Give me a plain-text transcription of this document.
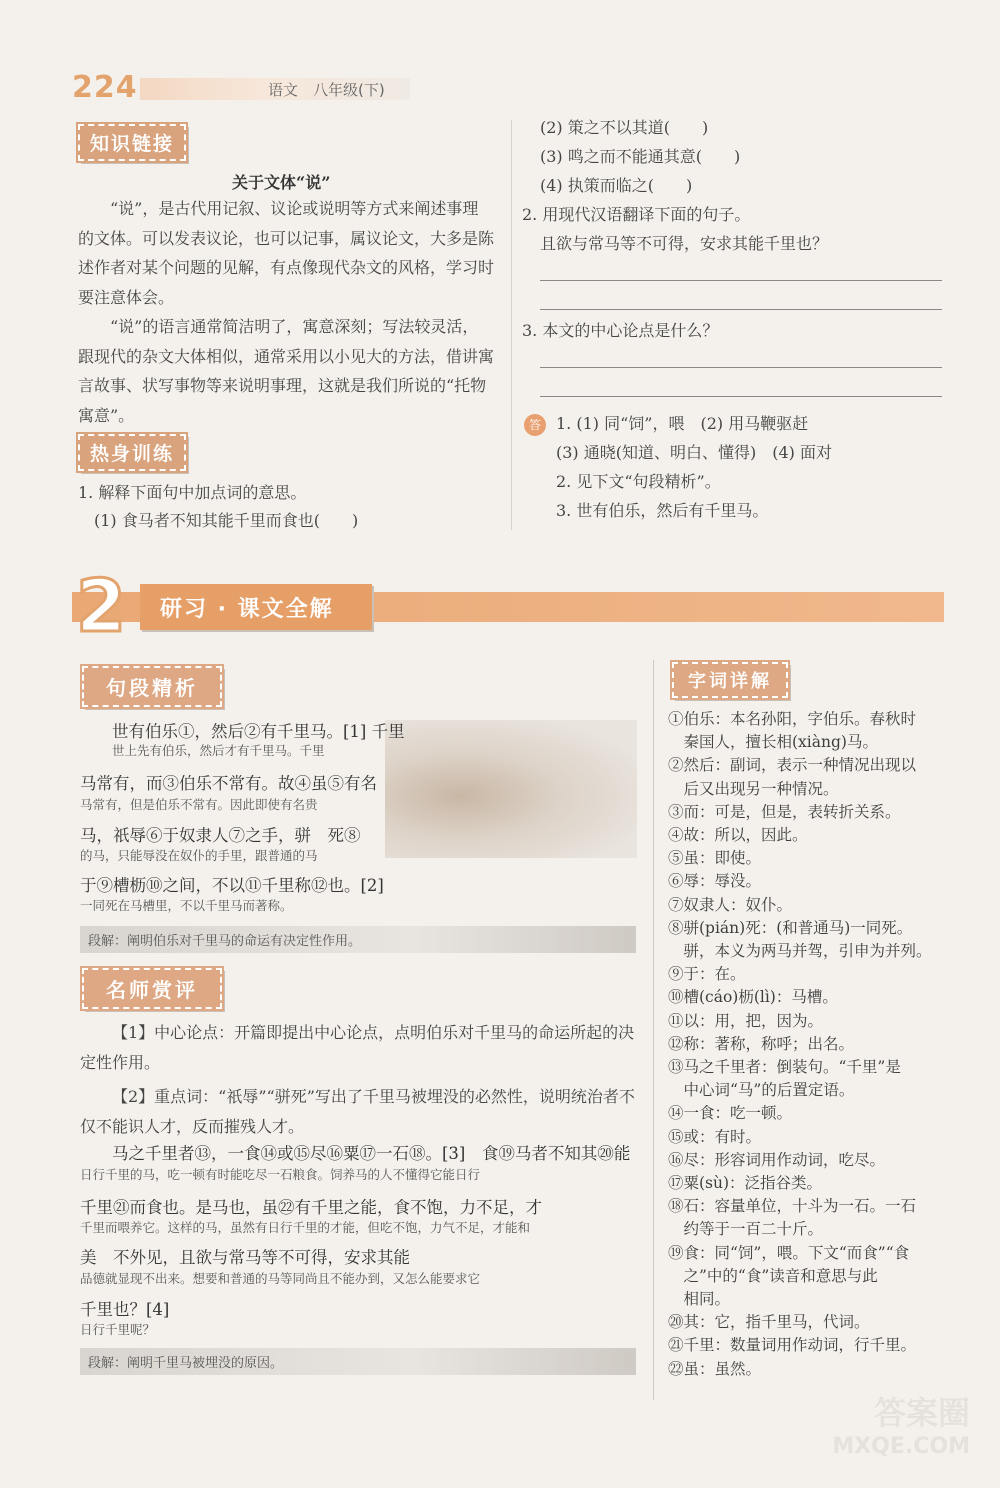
224	语文　八年级(下)
知识链接
关于文体“说”
“说”，是古代用记叙、议论或说明等方式来阐述事理的文体。可以发表议论，也可以记事，属议论文，大多是陈述作者对某个问题的见解，有点像现代杂文的风格，学习时要注意体会。
“说”的语言通常简洁明了，寓意深刻；写法较灵活，跟现代的杂文大体相似，通常采用以小见大的方法，借讲寓言故事、状写事物等来说明事理，这就是我们所说的“托物寓意”。
热身训练
1. 解释下面句中加点词的意思。
(1) 食马者不知其能千里而食也(　　)
(2) 策之不以其道(　　)
(3) 鸣之而不能通其意(　　)
(4) 执策而临之(　　)
2. 用现代汉语翻译下面的句子。
且欲与常马等不可得，安求其能千里也？
3. 本文的中心论点是什么？
答 1. (1) 同“饲”，喂　(2) 用马鞭驱赶
(3) 通晓(知道、明白、懂得)　(4) 面对
2. 见下文“句段精析”。
3. 世有伯乐，然后有千里马。
2 研习 · 课文全解
句段精析
世有伯乐①，然后②有千里马。[1] 千里
世上先有伯乐，然后才有千里马。千里
马常有，而③伯乐不常有。故④虽⑤有名
马常有，但是伯乐不常有。因此即使有名贵
马，祇辱⑥于奴隶人⑦之手，骈　死⑧
的马，只能辱没在奴仆的手里，跟普通的马
于⑨槽枥⑩之间，不以⑪千里称⑫也。[2]
一同死在马槽里，不以千里马而著称。
段解：阐明伯乐对千里马的命运有决定性作用。
名师赏评
【1】中心论点：开篇即提出中心论点，点明伯乐对千里马的命运所起的决定性作用。
【2】重点词：“祇辱”“骈死”写出了千里马被埋没的必然性，说明统治者不仅不能识人才，反而摧残人才。
马之千里者⑬，一食⑭或⑮尽⑯粟⑰一石⑱。[3]　食⑲马者不知其⑳能
日行千里的马，吃一顿有时能吃尽一石粮食。饲养马的人不懂得它能日行
千里㉑而食也。是马也，虽㉒有千里之能，食不饱，力不足，才
千里而喂养它。这样的马，虽然有日行千里的才能，但吃不饱，力气不足，才能和
美　不外见，且欲与常马等不可得，安求其能
品德就显现不出来。想要和普通的马等同尚且不能办到，又怎么能要求它
千里也？[4]
日行千里呢？
段解：阐明千里马被埋没的原因。
字词详解
①伯乐：本名孙阳，字伯乐。春秋时
　秦国人，擅长相(xiàng)马。
②然后：副词，表示一种情况出现以
　后又出现另一种情况。
③而：可是，但是，表转折关系。
④故：所以，因此。
⑤虽：即使。
⑥辱：辱没。
⑦奴隶人：奴仆。
⑧骈(pián)死：(和普通马)一同死。
　骈，本义为两马并驾，引申为并列。
⑨于：在。
⑩槽(cáo)枥(lì)：马槽。
⑪以：用，把，因为。
⑫称：著称，称呼；出名。
⑬马之千里者：倒装句。“千里”是
　中心词“马”的后置定语。
⑭一食：吃一顿。
⑮或：有时。
⑯尽：形容词用作动词，吃尽。
⑰粟(sù)：泛指谷类。
⑱石：容量单位，十斗为一石。一石
　约等于一百二十斤。
⑲食：同“饲”，喂。下文“而食”“食
　之”中的“食”读音和意思与此
　相同。
⑳其：它，指千里马，代词。
㉑千里：数量词用作动词，行千里。
㉒虽：虽然。
答案圈
MXQE.COM
